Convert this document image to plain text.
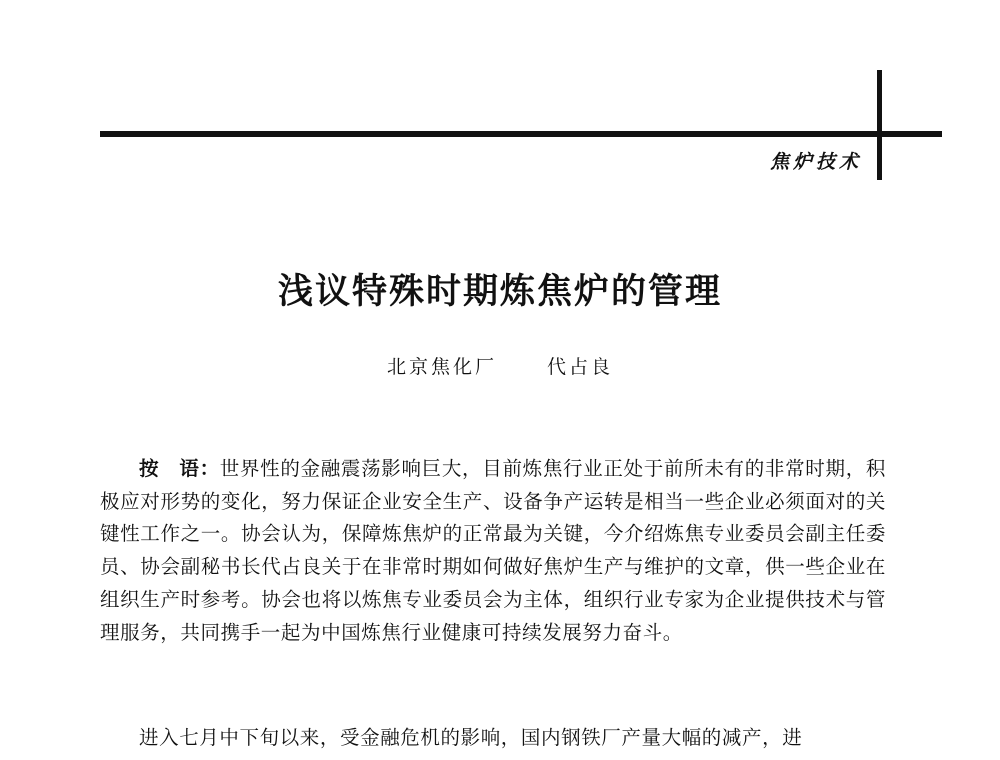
焦炉技术
浅议特殊时期炼焦炉的管理
北京焦化厂	代占良

按　语：世界性的金融震荡影响巨大，目前炼焦行业正处于前所未有的非常时期，积极应对形势的变化，努力保证企业安全生产、设备争产运转是相当一些企业必须面对的关键性工作之一。协会认为，保障炼焦炉的正常最为关键，今介绍炼焦专业委员会副主任委员、协会副秘书长代占良关于在非常时期如何做好焦炉生产与维护的文章，供一些企业在组织生产时参考。协会也将以炼焦专业委员会为主体，组织行业专家为企业提供技术与管理服务，共同携手一起为中国炼焦行业健康可持续发展努力奋斗。

进入七月中下旬以来，受金融危机的影响，国内钢铁厂产量大幅的减产，进
